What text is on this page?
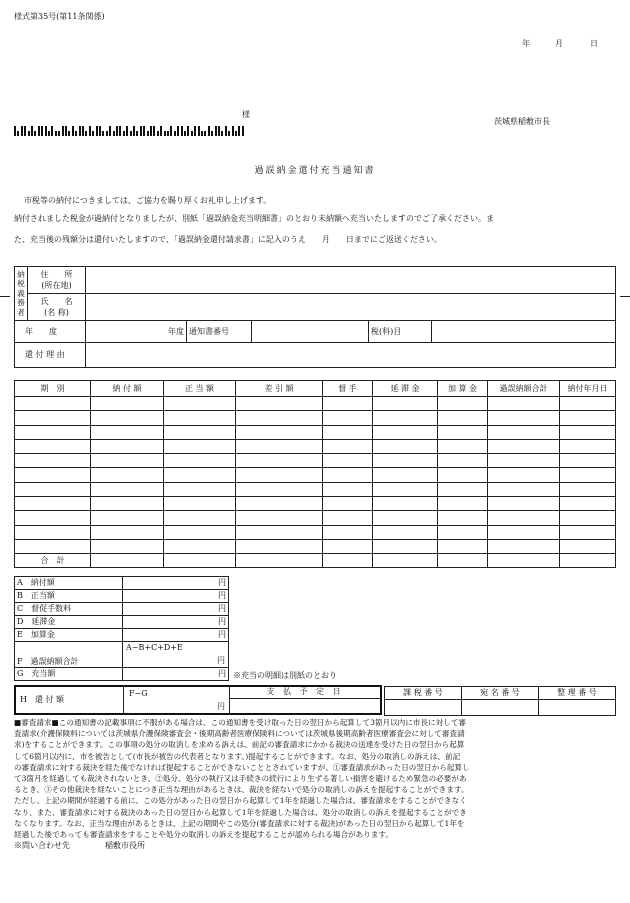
様式第35号(第11条関係)
年	月	日
様
茨城県稲敷市長
過誤納金還付充当通知書
市税等の納付につきましては、ご協力を賜り厚くお礼申し上げます。
納付されました税金が過納付となりましたが、別紙「過誤納金充当明細書」のとおり未納額へ充当いたしますのでご了承ください。ま
た、充当後の残額分は還付いたしますので、「過誤納金還付請求書」に記入のうえ　　月　　日までにご返送ください。
納
税
義
務
者	住　　所
(所在地)					
	氏　　名
(名 称)					
年　　度		年度	通知書番号		税(科)目	
還 付 理 由						
期　別	納 付 額	正 当 額	差 引 額	督 手	延 滞 金	加 算 金	過誤納額合計	納付年月日

合　計								
A　納付額	円
B　正当額	円
C　督促手数料	円
D　延滞金	円
E　加算金	円
F　過誤納額合計	A−B+C+D+E
円

G　充当額	円 ※充当の明細は別紙のとおり
H　還 付 額
F−G
円
支 払 予 定 日	課 税 番 号	宛 名 番 号	整 理 番 号

■審査請求■この通知書の記載事項に不服がある場合は、この通知書を受け取った日の翌日から起算して3箇月以内に市長に対して審

査請求(介護保険料については茨城県介護保険審査会・後期高齢者医療保険料については茨城県後期高齢者医療審査会に対して審査請

求)をすることができます。この事項の処分の取消しを求める訴えは、前記の審査請求にかかる裁決の送達を受けた日の翌日から起算

して6箇月以内に、市を被告として(市長が被告の代表者となります。)提起することができます。なお、処分の取消しの訴えは、前記

の審査請求に対する裁決を経た後でなければ提起することができないこととされていますが、①審査請求があった日の翌日から起算し

て3箇月を経過しても裁決されないとき、②処分、処分の執行又は手続きの続行により生ずる著しい損害を避けるため緊急の必要があ

るとき、③その他裁決を経ないことにつき正当な理由があるときは、裁決を経ないで処分の取消しの訴えを提起することができます。

ただし、上記の期間が経過する前に、この処分があった日の翌日から起算して1年を経過した場合は、審査請求をすることができなく

なり、また、審査請求に対する裁決のあった日の翌日から起算して1年を経過した場合は、処分の取消しの訴えを提起することができ

なくなります。なお、正当な理由があるときは、上記の期間やこの処分(審査請求に対する裁決)があった日の翌日から起算して1年を

経過した後であっても審査請求をすることや処分の取消しの訴えを提起することが認められる場合があります。

※問い合わせ先	稲敷市役所
